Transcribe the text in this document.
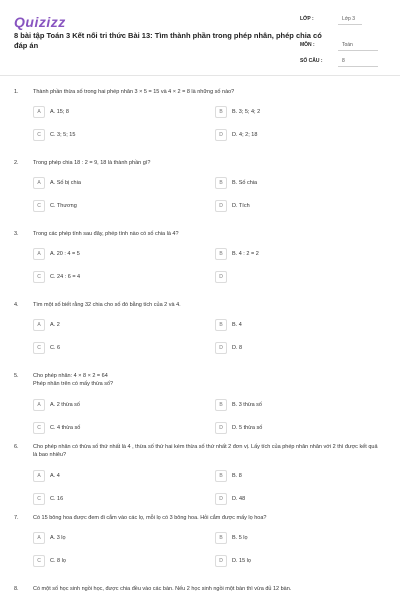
Quizizz
8 bài tập Toán 3 Kết nối tri thức Bài 13: Tìm thành phần trong phép nhân, phép chia có đáp án
LỚP :	Lớp 3
MÔN :	Toán
SỐ CÂU :	8
1.	Thành phần thừa số trong hai phép nhân 3 × 5 = 15 và 4 × 2 = 8 là những số nào?
A	A. 15; 8	B	B. 3; 5; 4; 2
C	C. 3; 5; 15	D	D. 4; 2; 18
2.	Trong phép chia 18 : 2 = 9, 18 là thành phần gì?
A	A. Số bị chia	B	B. Số chia
C	C. Thương	D	D. Tích
3.	Trong các phép tính sau đây, phép tính nào có số chia là 4?
A	A. 20 : 4 = 5	B	B. 4 : 2 = 2
C	C. 24 : 6 = 4	D
4.	Tìm một số biết rằng 32 chia cho số đó bằng tích của 2 và 4.
A	A. 2	B	B. 4
C	C. 6	D	D. 8
5.	Cho phép nhân: 4 × 8 × 2 = 64
Phép nhân trên có mấy thừa số?
A	A. 2 thừa số	B	B. 3 thừa số
C	C. 4 thừa số	D	D. 5 thừa số
6.	Cho phép nhân có thừa số thứ nhất là 4 , thừa số thứ hai kém thừa số thứ nhất 2 đơn vị. Lấy tích của phép nhân nhân với 2 thì được kết quả là bao nhiêu?
A	A. 4	B	B. 8
C	C. 16	D	D. 48
7.	Có 15 bông hoa được đem đi cắm vào các lọ, mỗi lọ có 3 bông hoa. Hỏi cắm được mấy lọ hoa?
A	A. 3 lọ	B	B. 5 lọ
C	C. 8 lọ	D	D. 15 lọ
8.	Có một số học sinh ngồi học, được chia đều vào các bàn. Nếu 2 học sinh ngồi một bàn thì vừa đủ 12 bàn.
